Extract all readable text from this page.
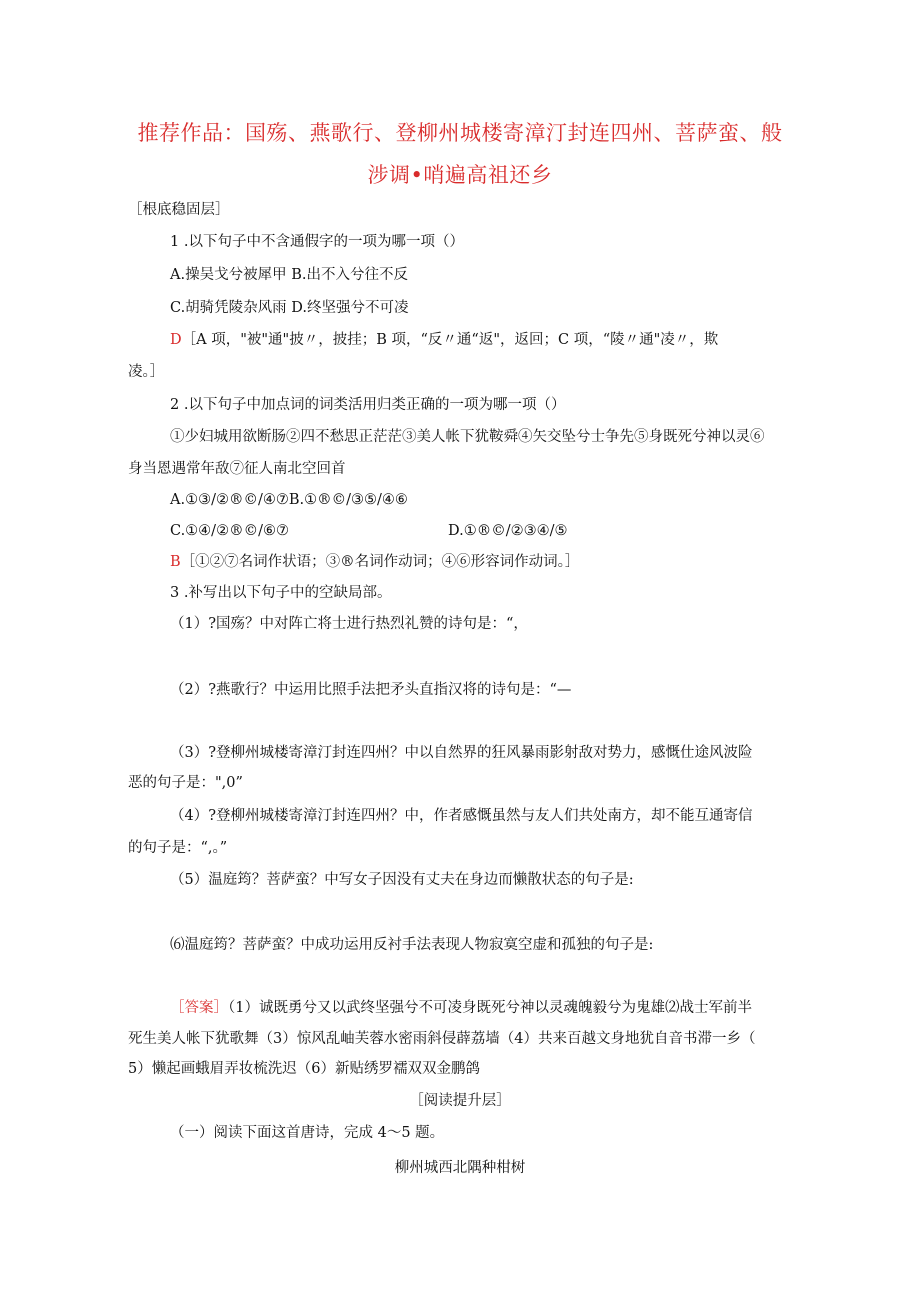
推荐作品：国殇、燕歌行、登柳州城楼寄漳汀封连四州、菩萨蛮、般
涉调•哨遍高祖还乡
［根底稳固层］
1 .以下句子中不含通假字的一项为哪一项（）
A.操吴戈兮被犀甲 B.出不入兮往不反
C.胡骑凭陵杂风雨 D.终坚强兮不可凌
D［A 项，"被"通"披〃，披挂；B 项，“反〃通“返"，返回；C 项，“陵〃通"凌〃，欺
凌。］
2 .以下句子中加点词的词类活用归类正确的一项为哪一项（）
①少妇城用欲断肠②四不愁思正茫茫③美人帐下犹鞍舜④矢交坠兮士争先⑤身既死兮神以灵⑥
身当恩遇常年敌⑦征人南北空回首
A.①③/②®©/④⑦B.①®©/③⑤/④⑥
C.①④/②®©/⑥⑦	D.①®©/②③④/⑤
B［①②⑦名词作状语；③®名词作动词；④⑥形容词作动词。］
3 .补写出以下句子中的空缺局部。
（1）?国殇？中对阵亡将士进行热烈礼赞的诗句是：“，
（2）?燕歌行？中运用比照手法把矛头直指汉将的诗句是：“—
（3）?登柳州城楼寄漳汀封连四州？中以自然界的狂风暴雨影射敌对势力，感慨仕途风波险
恶的句子是：",0”
（4）?登柳州城楼寄漳汀封连四州？中，作者感慨虽然与友人们共处南方，却不能互通寄信
的句子是：“,。”
（5）温庭筠？菩萨蛮？中写女子因没有丈夫在身边而懒散状态的句子是:
⑹温庭筠？菩萨蛮？中成功运用反衬手法表现人物寂寞空虚和孤独的句子是:
［答案］（1）诚既勇兮又以武终坚强兮不可凌身既死兮神以灵魂魄毅兮为鬼雄⑵战士军前半
死生美人帐下犹歌舞（3）惊风乱岫芙蓉水密雨斜侵薜荔墙（4）共来百越文身地犹自音书滞一乡（
5）懒起画蛾眉弄妆梳洗迟（6）新贴绣罗襦双双金鹏鸽
［阅读提升层］
（一）阅读下面这首唐诗，完成 4～5 题。
柳州城西北隅种柑树
